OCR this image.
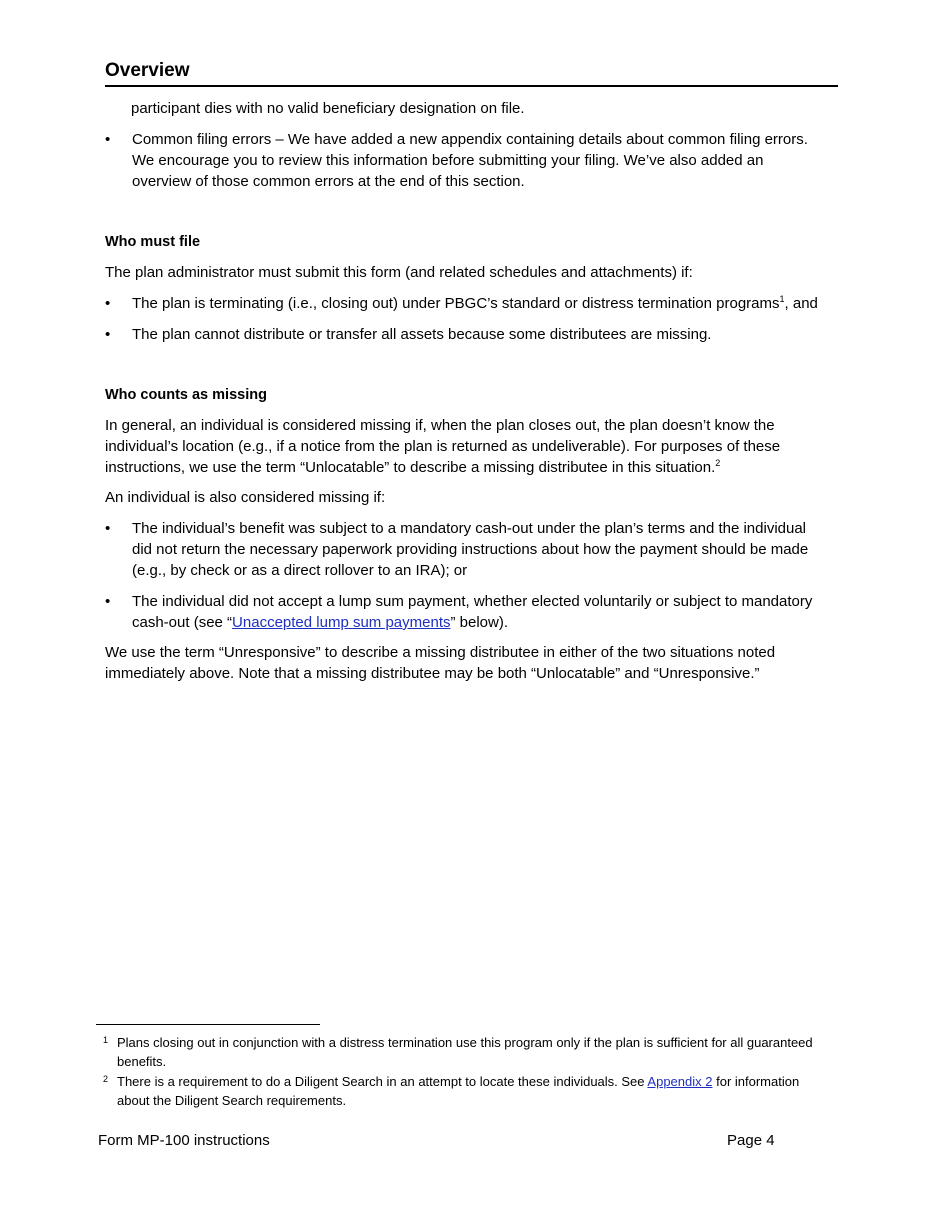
Overview

participant dies with no valid beneficiary designation on file.

• Common filing errors – We have added a new appendix containing details about common filing errors. We encourage you to review this information before submitting your filing. We’ve also added an overview of those common errors at the end of this section.

Who must file

The plan administrator must submit this form (and related schedules and attachments) if:

• The plan is terminating (i.e., closing out) under PBGC’s standard or distress termination programs$^1$, and
• The plan cannot distribute or transfer all assets because some distributees are missing.

Who counts as missing

In general, an individual is considered missing if, when the plan closes out, the plan doesn’t know the individual’s location (e.g., if a notice from the plan is returned as undeliverable). For purposes of these instructions, we use the term “Unlocatable” to describe a missing distributee in this situation.$^2$

An individual is also considered missing if:

• The individual’s benefit was subject to a mandatory cash-out under the plan’s terms and the individual did not return the necessary paperwork providing instructions about how the payment should be made (e.g., by check or as a direct rollover to an IRA); or
• The individual did not accept a lump sum payment, whether elected voluntarily or subject to mandatory cash-out (see “Unaccepted lump sum payments” below).

We use the term “Unresponsive” to describe a missing distributee in either of the two situations noted immediately above. Note that a missing distributee may be both “Unlocatable” and “Unresponsive.”

1 Plans closing out in conjunction with a distress termination use this program only if the plan is sufficient for all guaranteed benefits.
2 There is a requirement to do a Diligent Search in an attempt to locate these individuals. See Appendix 2 for information about the Diligent Search requirements.
Form MP-100 instructions	Page 4
